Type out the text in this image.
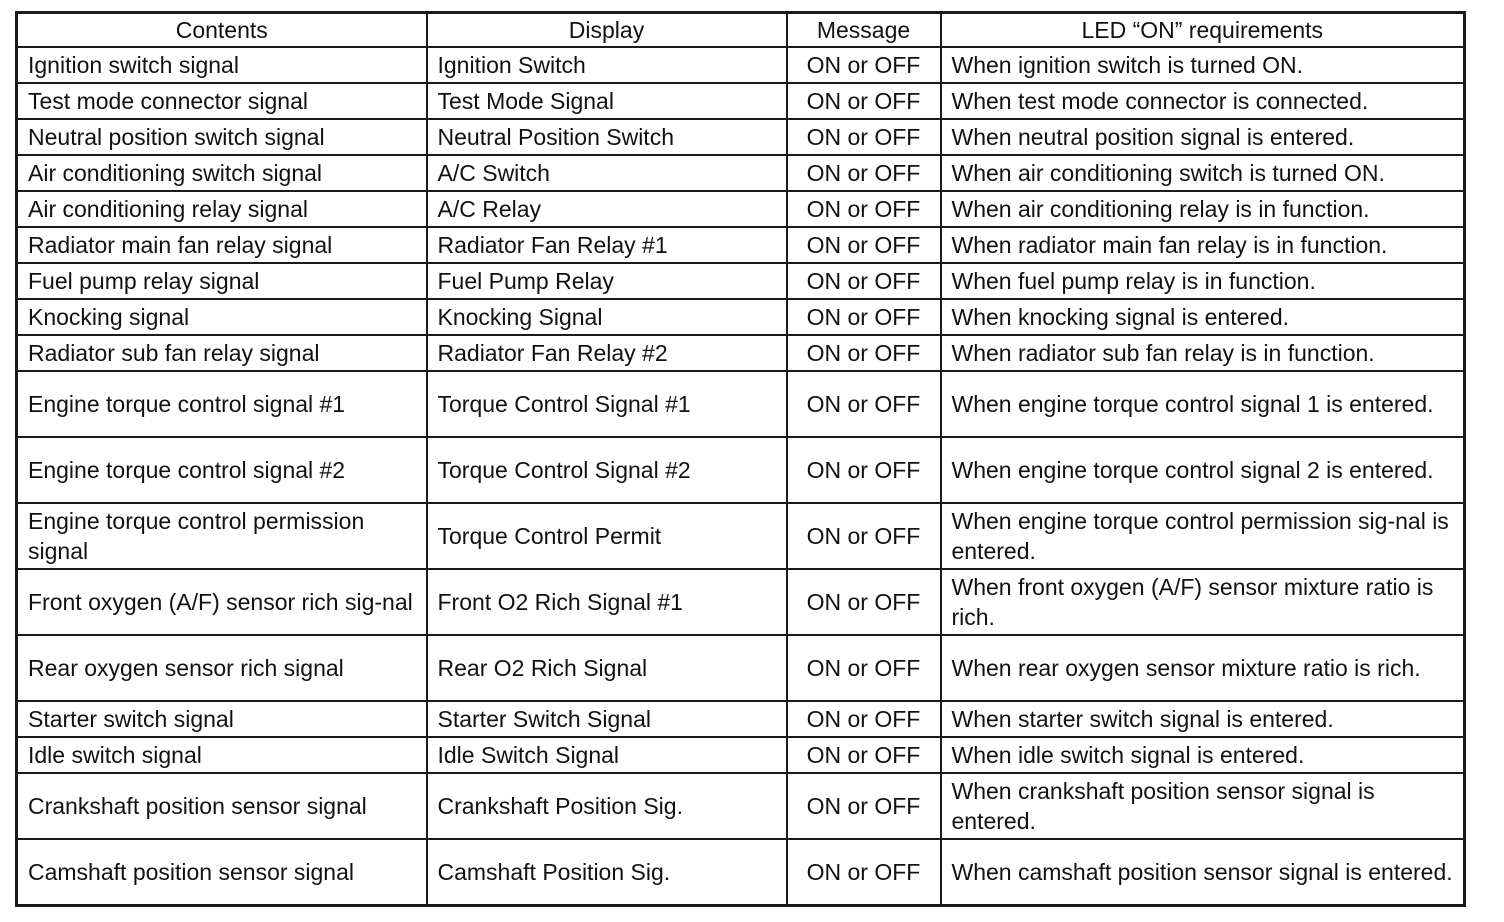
Contents	Display	Message	LED “ON” requirements
Ignition switch signal	Ignition Switch	ON or OFF	When ignition switch is turned ON.
Test mode connector signal	Test Mode Signal	ON or OFF	When test mode connector is connected.
Neutral position switch signal	Neutral Position Switch	ON or OFF	When neutral position signal is entered.
Air conditioning switch signal	A/C Switch	ON or OFF	When air conditioning switch is turned ON.
Air conditioning relay signal	A/C Relay	ON or OFF	When air conditioning relay is in function.
Radiator main fan relay signal	Radiator Fan Relay #1	ON or OFF	When radiator main fan relay is in function.
Fuel pump relay signal	Fuel Pump Relay	ON or OFF	When fuel pump relay is in function.
Knocking signal	Knocking Signal	ON or OFF	When knocking signal is entered.
Radiator sub fan relay signal	Radiator Fan Relay #2	ON or OFF	When radiator sub fan relay is in function.
Engine torque control signal #1	Torque Control Signal #1	ON or OFF	When engine torque control signal 1 is entered.
Engine torque control signal #2	Torque Control Signal #2	ON or OFF	When engine torque control signal 2 is entered.
Engine torque control permission signal	Torque Control Permit	ON or OFF	When engine torque control permission sig-nal is entered.
Front oxygen (A/F) sensor rich sig-nal	Front O2 Rich Signal #1	ON or OFF	When front oxygen (A/F) sensor mixture ratio is rich.
Rear oxygen sensor rich signal	Rear O2 Rich Signal	ON or OFF	When rear oxygen sensor mixture ratio is rich.
Starter switch signal	Starter Switch Signal	ON or OFF	When starter switch signal is entered.
Idle switch signal	Idle Switch Signal	ON or OFF	When idle switch signal is entered.
Crankshaft position sensor signal	Crankshaft Position Sig.	ON or OFF	When crankshaft position sensor signal is entered.
Camshaft position sensor signal	Camshaft Position Sig.	ON or OFF	When camshaft position sensor signal is entered.
